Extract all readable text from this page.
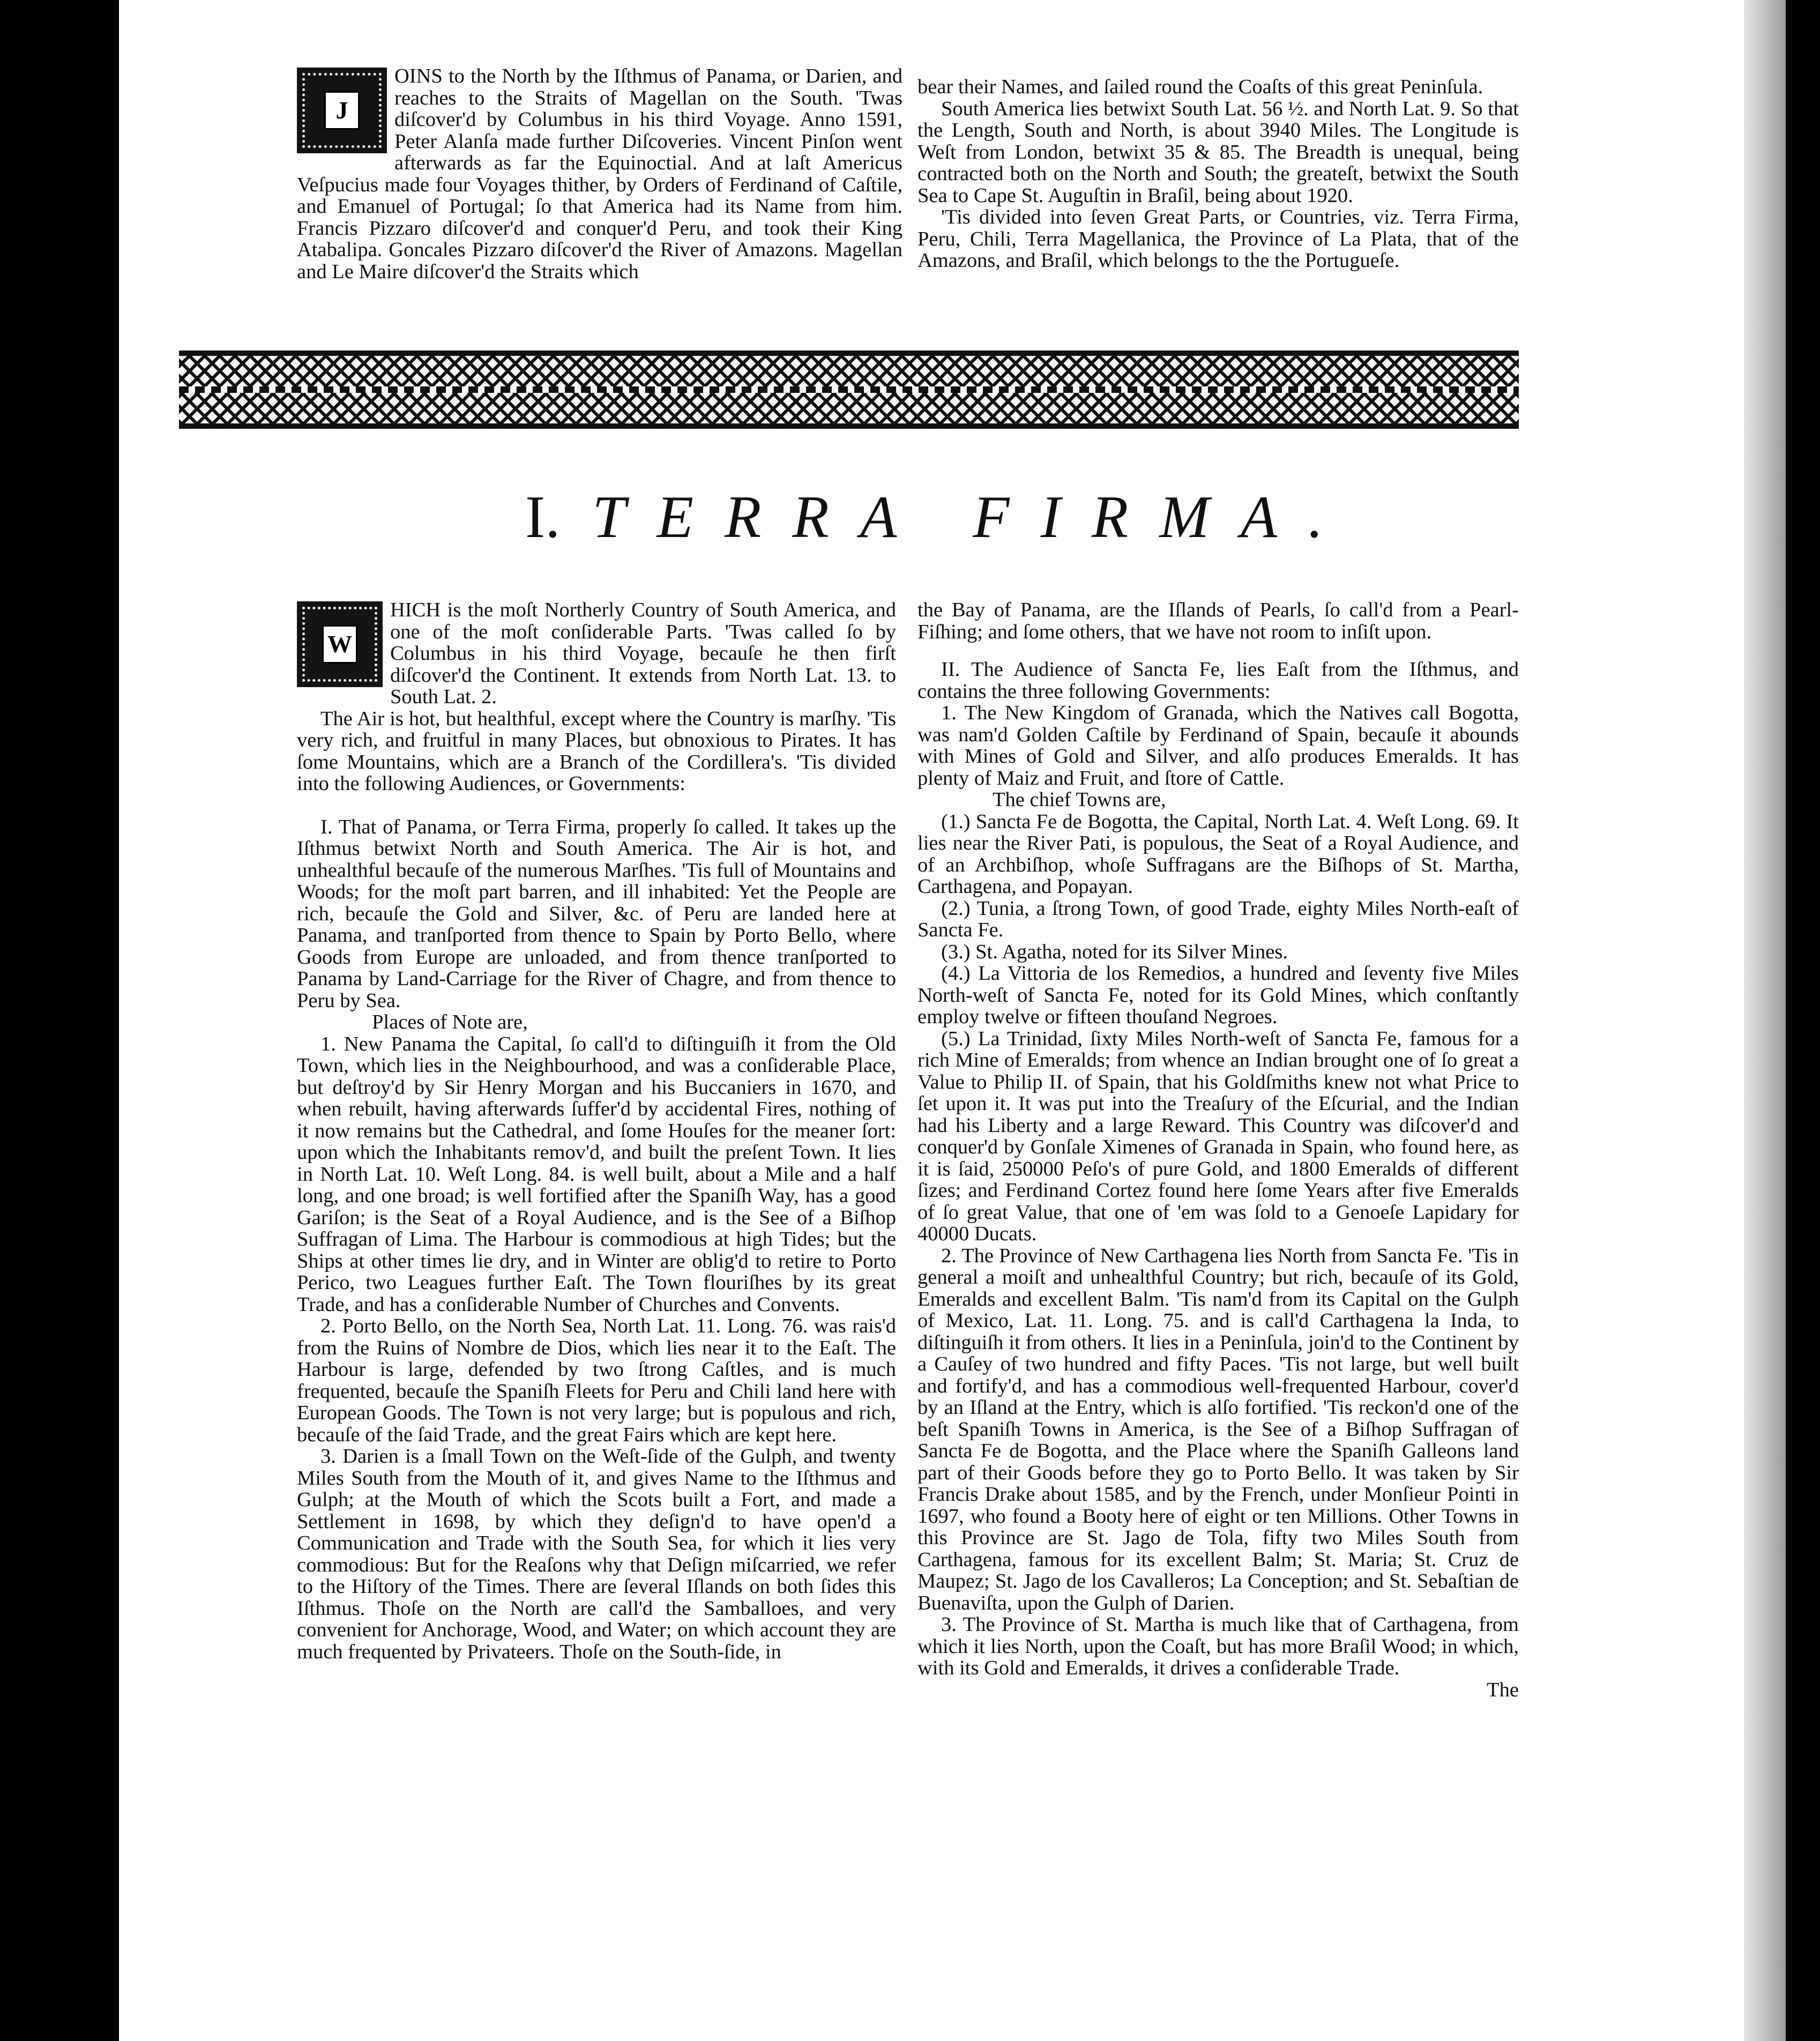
J

OINS to the North by the Iſthmus of Panama, or Darien, and reaches to the Straits of Magellan on the South. 'Twas diſcover'd by Columbus in his third Voyage. Anno 1591, Peter Alanſa made further Diſcoveries. Vincent Pinſon went afterwards as far the Equinoctial. And at laſt Americus Veſpucius made four Voyages thither, by Orders of Ferdinand of Caſtile, and Emanuel of Portugal; ſo that America had its Name from him. Francis Pizzaro diſcover'd and conquer'd Peru, and took their King Atabalipa. Goncales Pizzaro diſcover'd the River of Amazons. Magellan and Le Maire diſcover'd the Straits which

bear their Names, and ſailed round the Coaſts of this great Peninſula.

South America lies betwixt South Lat. 56 ½. and North Lat. 9. So that the Length, South and North, is about 3940 Miles. The Longitude is Weſt from London, betwixt 35 & 85. The Breadth is unequal, being contracted both on the North and South; the greateſt, betwixt the South Sea to Cape St. Auguſtin in Braſil, being about 1920.

'Tis divided into ſeven Great Parts, or Countries, viz. Terra Firma, Peru, Chili, Terra Magellanica, the Province of La Plata, that of the Amazons, and Braſil, which belongs to the the Portugueſe.

I. TERRA FIRMA.
W

HICH is the moſt Northerly Country of South America, and one of the moſt conſiderable Parts. 'Twas called ſo by Columbus in his third Voyage, becauſe he then firſt diſcover'd the Continent. It extends from North Lat. 13. to South Lat. 2.

The Air is hot, but healthful, except where the Country is marſhy. 'Tis very rich, and fruitful in many Places, but obnoxious to Pirates. It has ſome Mountains, which are a Branch of the Cordillera's. 'Tis divided into the following Audiences, or Governments:

I. That of Panama, or Terra Firma, properly ſo called. It takes up the Iſthmus betwixt North and South America. The Air is hot, and unhealthful becauſe of the numerous Marſhes. 'Tis full of Mountains and Woods; for the moſt part barren, and ill inhabited: Yet the People are rich, becauſe the Gold and Silver, &c. of Peru are landed here at Panama, and tranſported from thence to Spain by Porto Bello, where Goods from Europe are unloaded, and from thence tranſported to Panama by Land-Carriage for the River of Chagre, and from thence to Peru by Sea.

Places of Note are,

1. New Panama the Capital, ſo call'd to diſtinguiſh it from the Old Town, which lies in the Neighbourhood, and was a conſiderable Place, but deſtroy'd by Sir Henry Morgan and his Buccaniers in 1670, and when rebuilt, having afterwards ſuffer'd by accidental Fires, nothing of it now remains but the Cathedral, and ſome Houſes for the meaner ſort: upon which the Inhabitants remov'd, and built the preſent Town. It lies in North Lat. 10. Weſt Long. 84. is well built, about a Mile and a half long, and one broad; is well fortified after the Spaniſh Way, has a good Gariſon; is the Seat of a Royal Audience, and is the See of a Biſhop Suffragan of Lima. The Harbour is commodious at high Tides; but the Ships at other times lie dry, and in Winter are oblig'd to retire to Porto Perico, two Leagues further Eaſt. The Town flouriſhes by its great Trade, and has a conſiderable Number of Churches and Convents.

2. Porto Bello, on the North Sea, North Lat. 11. Long. 76. was rais'd from the Ruins of Nombre de Dios, which lies near it to the Eaſt. The Harbour is large, defended by two ſtrong Caſtles, and is much frequented, becauſe the Spaniſh Fleets for Peru and Chili land here with European Goods. The Town is not very large; but is populous and rich, becauſe of the ſaid Trade, and the great Fairs which are kept here.

3. Darien is a ſmall Town on the Weſt-ſide of the Gulph, and twenty Miles South from the Mouth of it, and gives Name to the Iſthmus and Gulph; at the Mouth of which the Scots built a Fort, and made a Settlement in 1698, by which they deſign'd to have open'd a Communication and Trade with the South Sea, for which it lies very commodious: But for the Reaſons why that Deſign miſcarried, we refer to the Hiſtory of the Times. There are ſeveral Iſlands on both ſides this Iſthmus. Thoſe on the North are call'd the Samballoes, and very convenient for Anchorage, Wood, and Water; on which account they are much frequented by Privateers. Thoſe on the South-ſide, in

the Bay of Panama, are the Iſlands of Pearls, ſo call'd from a Pearl-Fiſhing; and ſome others, that we have not room to inſiſt upon.

II. The Audience of Sancta Fe, lies Eaſt from the Iſthmus, and contains the three following Governments:

1. The New Kingdom of Granada, which the Natives call Bogotta, was nam'd Golden Caſtile by Ferdinand of Spain, becauſe it abounds with Mines of Gold and Silver, and alſo produces Emeralds. It has plenty of Maiz and Fruit, and ſtore of Cattle.

The chief Towns are,

(1.) Sancta Fe de Bogotta, the Capital, North Lat. 4. Weſt Long. 69. It lies near the River Pati, is populous, the Seat of a Royal Audience, and of an Archbiſhop, whoſe Suffragans are the Biſhops of St. Martha, Carthagena, and Popayan.

(2.) Tunia, a ſtrong Town, of good Trade, eighty Miles North-eaſt of Sancta Fe.

(3.) St. Agatha, noted for its Silver Mines.

(4.) La Vittoria de los Remedios, a hundred and ſeventy five Miles North-weſt of Sancta Fe, noted for its Gold Mines, which conſtantly employ twelve or fifteen thouſand Negroes.

(5.) La Trinidad, ſixty Miles North-weſt of Sancta Fe, famous for a rich Mine of Emeralds; from whence an Indian brought one of ſo great a Value to Philip II. of Spain, that his Goldſmiths knew not what Price to ſet upon it. It was put into the Treaſury of the Eſcurial, and the Indian had his Liberty and a large Reward. This Country was diſcover'd and conquer'd by Gonſale Ximenes of Granada in Spain, who found here, as it is ſaid, 250000 Peſo's of pure Gold, and 1800 Emeralds of different ſizes; and Ferdinand Cortez found here ſome Years after five Emeralds of ſo great Value, that one of 'em was ſold to a Genoeſe Lapidary for 40000 Ducats.

2. The Province of New Carthagena lies North from Sancta Fe. 'Tis in general a moiſt and unhealthful Country; but rich, becauſe of its Gold, Emeralds and excellent Balm. 'Tis nam'd from its Capital on the Gulph of Mexico, Lat. 11. Long. 75. and is call'd Carthagena la Inda, to diſtinguiſh it from others. It lies in a Peninſula, join'd to the Continent by a Cauſey of two hundred and fifty Paces. 'Tis not large, but well built and fortify'd, and has a commodious well-frequented Harbour, cover'd by an Iſland at the Entry, which is alſo fortified. 'Tis reckon'd one of the beſt Spaniſh Towns in America, is the See of a Biſhop Suffragan of Sancta Fe de Bogotta, and the Place where the Spaniſh Galleons land part of their Goods before they go to Porto Bello. It was taken by Sir Francis Drake about 1585, and by the French, under Monſieur Pointi in 1697, who found a Booty here of eight or ten Millions. Other Towns in this Province are St. Jago de Tola, fifty two Miles South from Carthagena, famous for its excellent Balm; St. Maria; St. Cruz de Maupez; St. Jago de los Cavalleros; La Conception; and St. Sebaſtian de Buenaviſta, upon the Gulph of Darien.

3. The Province of St. Martha is much like that of Carthagena, from which it lies North, upon the Coaſt, but has more Braſil Wood; in which, with its Gold and Emeralds, it drives a conſiderable Trade.

The
